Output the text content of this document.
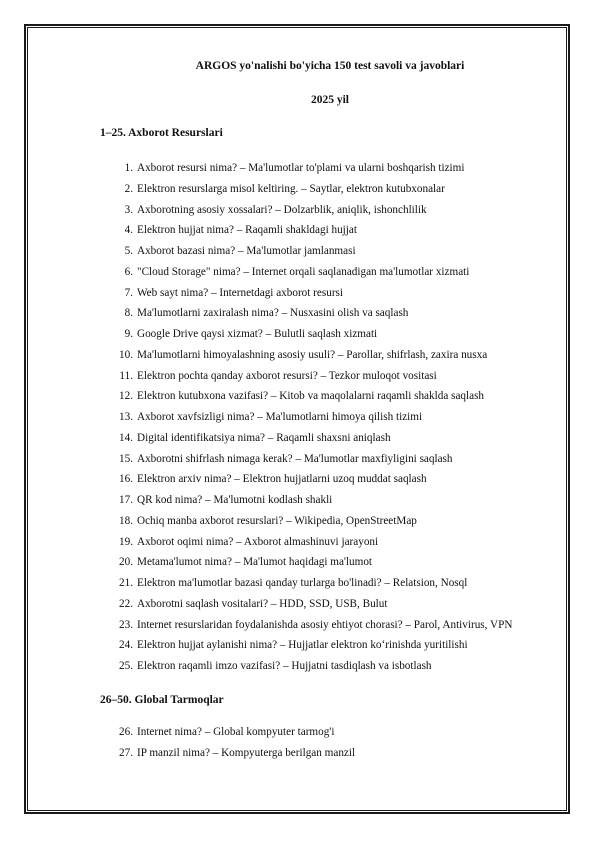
ARGOS yo'nalishi bo'yicha 150 test savoli va javoblari
2025 yil
1–25. Axborot Resurslari
1. Axborot resursi nima? – Ma'lumotlar to'plami va ularni boshqarish tizimi
2. Elektron resurslarga misol keltiring. – Saytlar, elektron kutubxonalar
3. Axborotning asosiy xossalari? – Dolzarblik, aniqlik, ishonchlilik
4. Elektron hujjat nima? – Raqamli shakldagi hujjat
5. Axborot bazasi nima? – Ma'lumotlar jamlanmasi
6. "Cloud Storage" nima? – Internet orqali saqlanadigan ma'lumotlar xizmati
7. Web sayt nima? – Internetdagi axborot resursi
8. Ma'lumotlarni zaxiralash nima? – Nusxasini olish va saqlash
9. Google Drive qaysi xizmat? – Bulutli saqlash xizmati
10. Ma'lumotlarni himoyalashning asosiy usuli? – Parollar, shifrlash, zaxira nusxa
11. Elektron pochta qanday axborot resursi? – Tezkor muloqot vositasi
12. Elektron kutubxona vazifasi? – Kitob va maqolalarni raqamli shaklda saqlash
13. Axborot xavfsizligi nima? – Ma'lumotlarni himoya qilish tizimi
14. Digital identifikatsiya nima? – Raqamli shaxsni aniqlash
15. Axborotni shifrlash nimaga kerak? – Ma'lumotlar maxfiyligini saqlash
16. Elektron arxiv nima? – Elektron hujjatlarni uzoq muddat saqlash
17. QR kod nima? – Ma'lumotni kodlash shakli
18. Ochiq manba axborot resurslari? – Wikipedia, OpenStreetMap
19. Axborot oqimi nima? – Axborot almashinuvi jarayoni
20. Metama'lumot nima? – Ma'lumot haqidagi ma'lumot
21. Elektron ma'lumotlar bazasi qanday turlarga bo'linadi? – Relatsion, Nosql
22. Axborotni saqlash vositalari? – HDD, SSD, USB, Bulut
23. Internet resurslaridan foydalanishda asosiy ehtiyot chorasi? – Parol, Antivirus, VPN
24. Elektron hujjat aylanishi nima? – Hujjatlar elektron koʻrinishda yuritilishi
25. Elektron raqamli imzo vazifasi? – Hujjatni tasdiqlash va isbotlash
26–50. Global Tarmoqlar
26. Internet nima? – Global kompyuter tarmog'i
27. IP manzil nima? – Kompyuterga berilgan manzil
